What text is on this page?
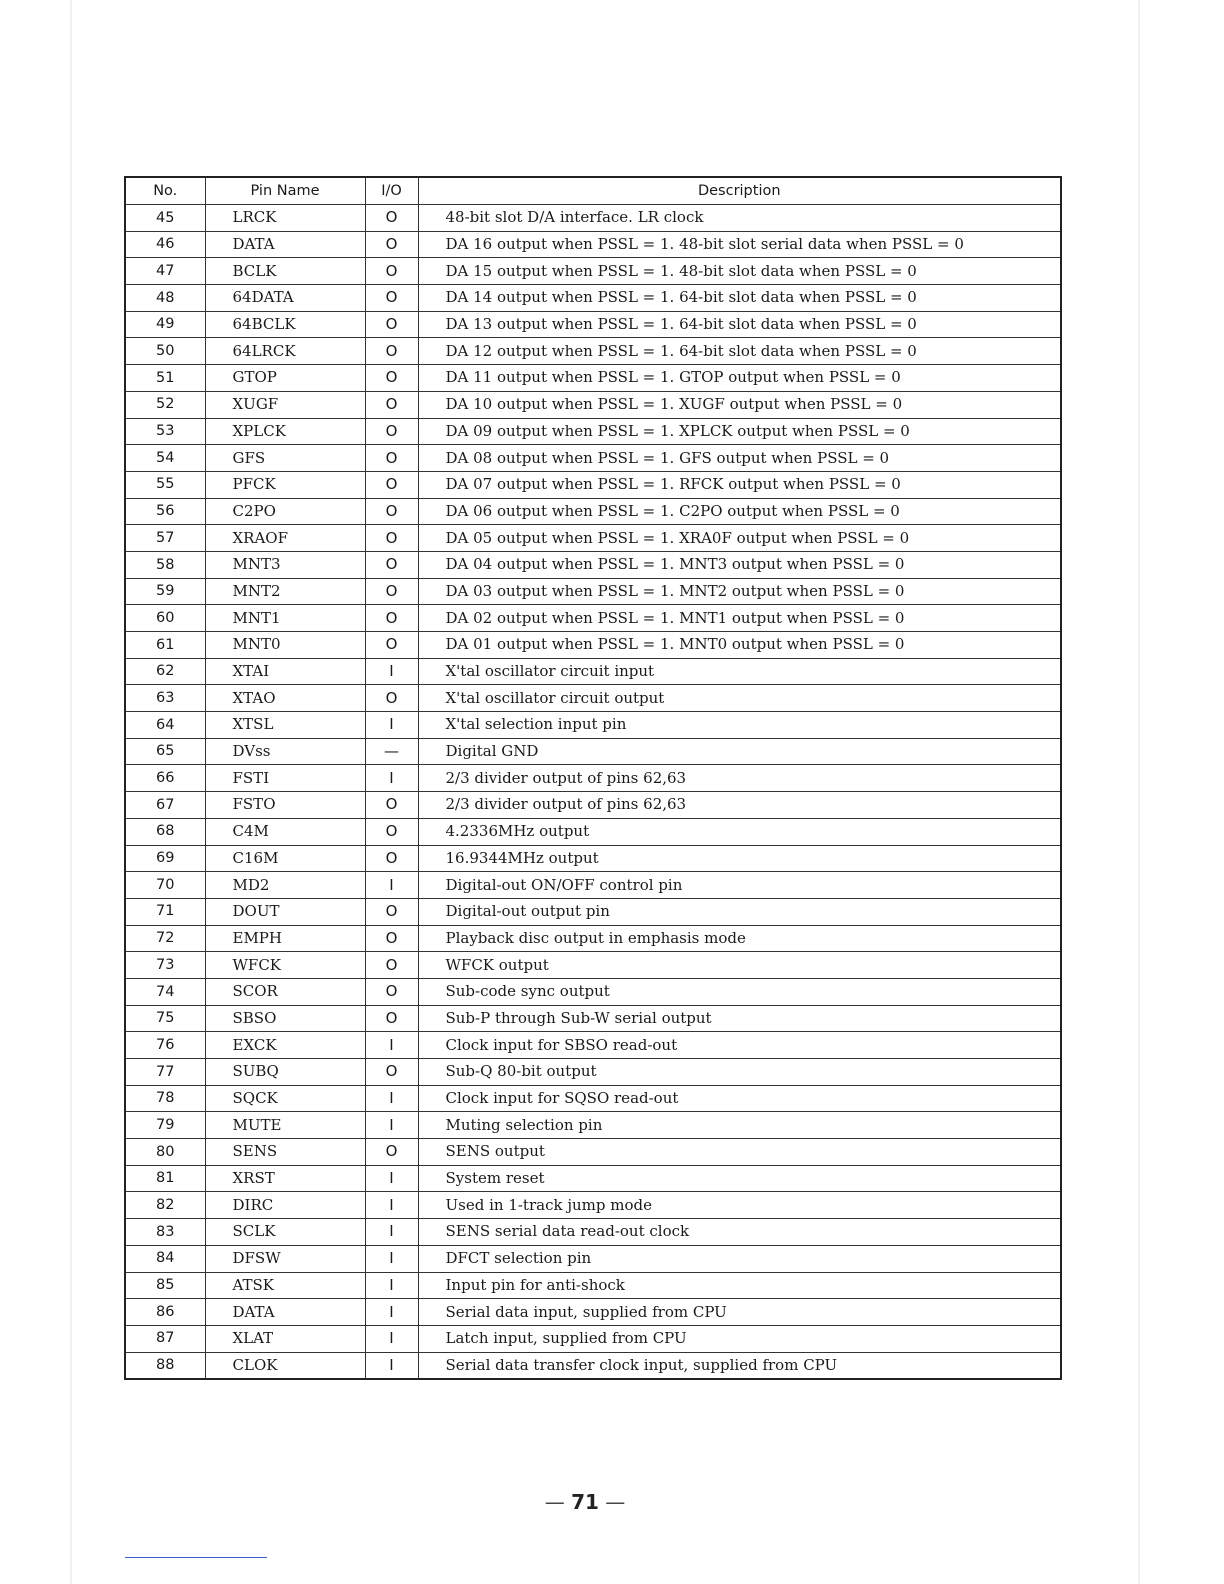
No.	Pin Name	I/O	Description
45	LRCK	O	48-bit slot D/A interface. LR clock
46	DATA	O	DA 16 output when PSSL = 1. 48-bit slot serial data when PSSL = 0
47	BCLK	O	DA 15 output when PSSL = 1. 48-bit slot data when PSSL = 0
48	64DATA	O	DA 14 output when PSSL = 1. 64-bit slot data when PSSL = 0
49	64BCLK	O	DA 13 output when PSSL = 1. 64-bit slot data when PSSL = 0
50	64LRCK	O	DA 12 output when PSSL = 1. 64-bit slot data when PSSL = 0
51	GTOP	O	DA 11 output when PSSL = 1. GTOP output when PSSL = 0
52	XUGF	O	DA 10 output when PSSL = 1. XUGF output when PSSL = 0
53	XPLCK	O	DA 09 output when PSSL = 1. XPLCK output when PSSL = 0
54	GFS	O	DA 08 output when PSSL = 1. GFS output when PSSL = 0
55	PFCK	O	DA 07 output when PSSL = 1. RFCK output when PSSL = 0
56	C2PO	O	DA 06 output when PSSL = 1. C2PO output when PSSL = 0
57	XRAOF	O	DA 05 output when PSSL = 1. XRA0F output when PSSL = 0
58	MNT3	O	DA 04 output when PSSL = 1. MNT3 output when PSSL = 0
59	MNT2	O	DA 03 output when PSSL = 1. MNT2 output when PSSL = 0
60	MNT1	O	DA 02 output when PSSL = 1. MNT1 output when PSSL = 0
61	MNT0	O	DA 01 output when PSSL = 1. MNT0 output when PSSL = 0
62	XTAI	I	X'tal oscillator circuit input
63	XTAO	O	X'tal oscillator circuit output
64	XTSL	I	X'tal selection input pin
65	DVss	—	Digital GND
66	FSTI	I	2/3 divider output of pins 62,63
67	FSTO	O	2/3 divider output of pins 62,63
68	C4M	O	4.2336MHz output
69	C16M	O	16.9344MHz output
70	MD2	I	Digital-out ON/OFF control pin
71	DOUT	O	Digital-out output pin
72	EMPH	O	Playback disc output in emphasis mode
73	WFCK	O	WFCK output
74	SCOR	O	Sub-code sync output
75	SBSO	O	Sub-P through Sub-W serial output
76	EXCK	I	Clock input for SBSO read-out
77	SUBQ	O	Sub-Q 80-bit output
78	SQCK	I	Clock input for SQSO read-out
79	MUTE	I	Muting selection pin
80	SENS	O	SENS output
81	XRST	I	System reset
82	DIRC	I	Used in 1-track jump mode
83	SCLK	I	SENS serial data read-out clock
84	DFSW	I	DFCT selection pin
85	ATSK	I	Input pin for anti-shock
86	DATA	I	Serial data input, supplied from CPU
87	XLAT	I	Latch input, supplied from CPU
88	CLOK	I	Serial data transfer clock input, supplied from CPU
— 71 —
